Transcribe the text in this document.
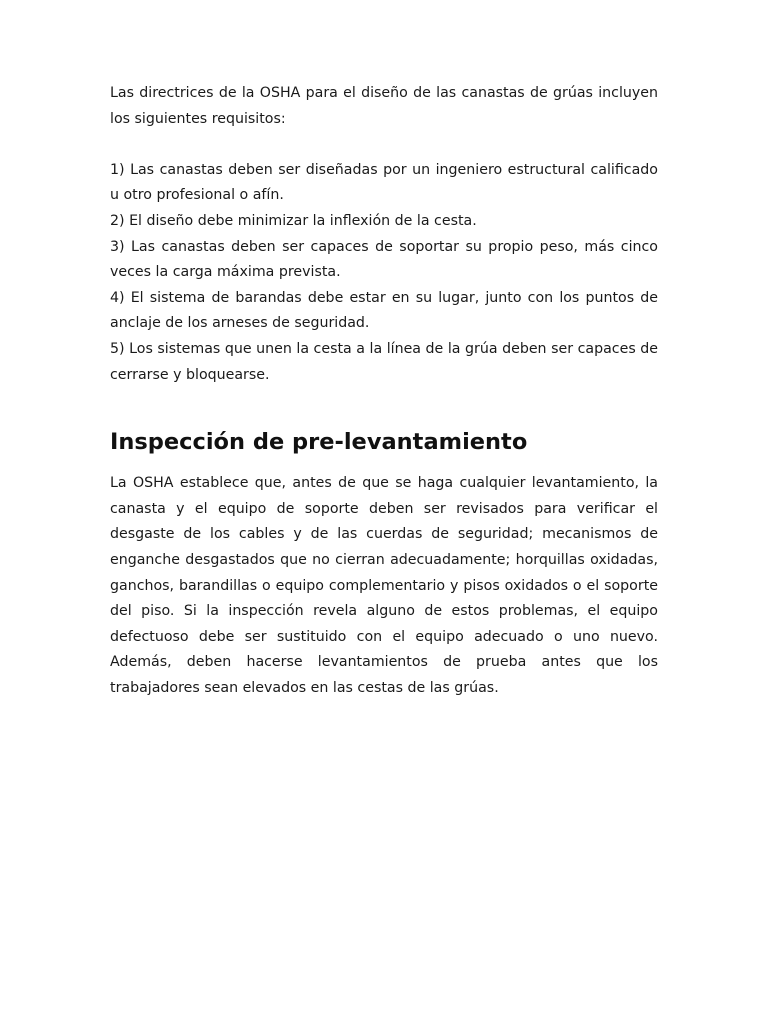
Las directrices de la OSHA para el diseño de las canastas de grúas incluyen los siguientes requisitos:

1) Las canastas deben ser diseñadas por un ingeniero estructural calificado u otro profesional o afín.

2) El diseño debe minimizar la inflexión de la cesta.

3) Las canastas deben ser capaces de soportar su propio peso, más cinco veces la carga máxima prevista.

4) El sistema de barandas debe estar en su lugar, junto con los puntos de anclaje de los arneses de seguridad.

5) Los sistemas que unen la cesta a la línea de la grúa deben ser capaces de cerrarse y bloquearse.

Inspección de pre-levantamiento

La OSHA establece que, antes de que se haga cualquier levantamiento, la canasta y el equipo de soporte deben ser revisados para verificar el desgaste de los cables y de las cuerdas de seguridad; mecanismos de enganche desgastados que no cierran adecuadamente; horquillas oxidadas, ganchos, barandillas o equipo complementario y pisos oxidados o el soporte del piso. Si la inspección revela alguno de estos problemas, el equipo defectuoso debe ser sustituido con el equipo adecuado o uno nuevo. Además, deben hacerse levantamientos de prueba antes que los trabajadores sean elevados en las cestas de las grúas.
